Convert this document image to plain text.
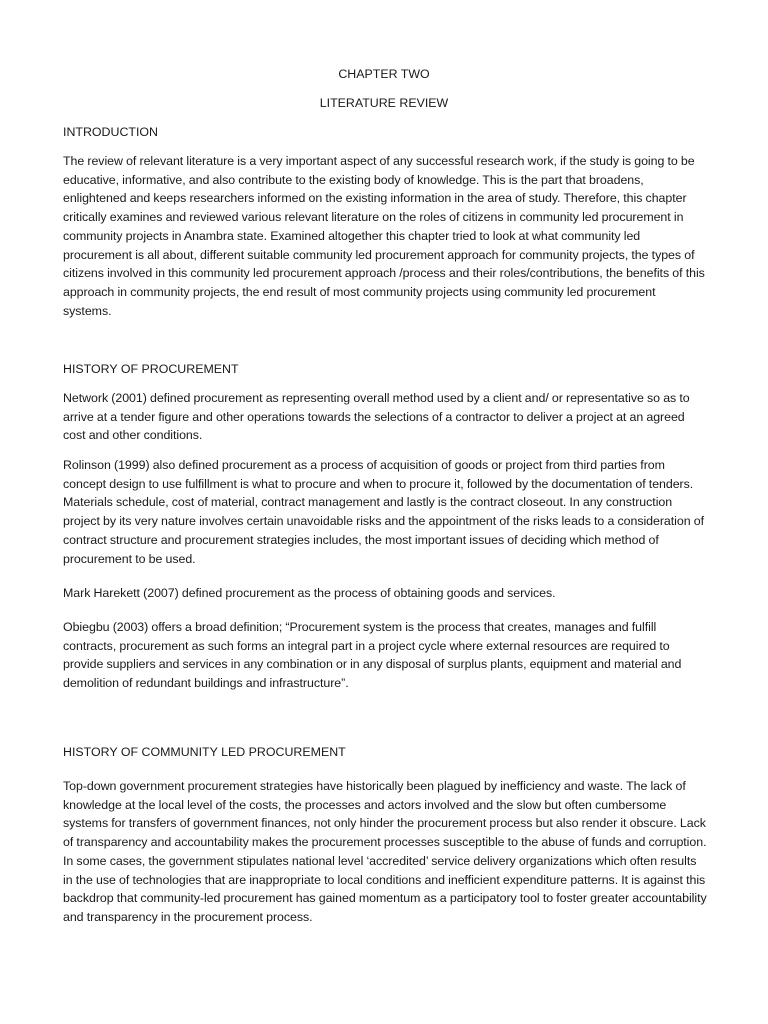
CHAPTER TWO

LITERATURE REVIEW

INTRODUCTION

The review of relevant literature is a very important aspect of any successful research work, if the study is going to be educative, informative, and also contribute to the existing body of knowledge. This is the part that broadens, enlightened and keeps researchers informed on the existing information in the area of study. Therefore, this chapter critically examines and reviewed various relevant literature on the roles of citizens in community led procurement in community projects in Anambra state. Examined altogether this chapter tried to look at what community led procurement is all about, different suitable community led procurement approach for community projects, the types of citizens involved in this community led procurement approach /process and their roles/contributions, the benefits of this approach in community projects, the end result of most community projects using community led procurement systems.

HISTORY OF PROCUREMENT

Network (2001) defined procurement as representing overall method used by a client and/ or representative so as to arrive at a tender figure and other operations towards the selections of a contractor to deliver a project at an agreed cost and other conditions.

Rolinson (1999) also defined procurement as a process of acquisition of goods or project from third parties from concept design to use fulfillment is what to procure and when to procure it, followed by the documentation of tenders. Materials schedule, cost of material, contract management and lastly is the contract closeout. In any construction project by its very nature involves certain unavoidable risks and the appointment of the risks leads to a consideration of contract structure and procurement strategies includes, the most important issues of deciding which method of procurement to be used.

Mark Harekett (2007) defined procurement as the process of obtaining goods and services.

Obiegbu (2003) offers a broad definition; “Procurement system is the process that creates, manages and fulfill contracts, procurement as such forms an integral part in a project cycle where external resources are required to provide suppliers and services in any combination or in any disposal of surplus plants, equipment and material and demolition of redundant buildings and infrastructure”.

HISTORY OF COMMUNITY LED PROCUREMENT

Top-down government procurement strategies have historically been plagued by inefficiency and waste. The lack of knowledge at the local level of the costs, the processes and actors involved and the slow but often cumbersome systems for transfers of government finances, not only hinder the procurement process but also render it obscure. Lack of transparency and accountability makes the procurement processes susceptible to the abuse of funds and corruption. In some cases, the government stipulates national level ‘accredited’ service delivery organizations which often results in the use of technologies that are inappropriate to local conditions and inefficient expenditure patterns. It is against this backdrop that community-led procurement has gained momentum as a participatory tool to foster greater accountability and transparency in the procurement process.
